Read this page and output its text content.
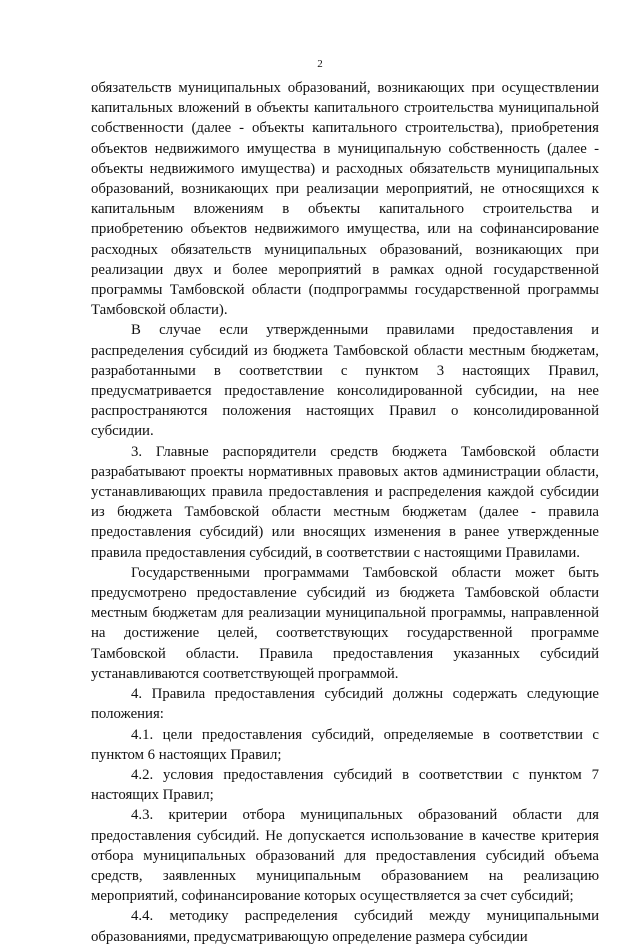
2

обязательств муниципальных образований, возникающих при осуществлении капитальных вложений в объекты капитального строительства муниципальной собственности (далее - объекты капитального строительства), приобретения объектов недвижимого имущества в муниципальную собственность (далее - объекты недвижимого имущества) и расходных обязательств муниципальных образований, возникающих при реализации мероприятий, не относящихся к капитальным вложениям в объекты капитального строительства и приобретению объектов недвижимого имущества, или на софинансирование расходных обязательств муниципальных образований, возникающих при реализации двух и более мероприятий в рамках одной государственной программы Тамбовской области (подпрограммы государственной программы Тамбовской области).

В случае если утвержденными правилами предоставления и распределения субсидий из бюджета Тамбовской области местным бюджетам, разработанными в соответствии с пунктом 3 настоящих Правил, предусматривается предоставление консолидированной субсидии, на нее распространяются положения настоящих Правил о консолидированной субсидии.

3. Главные распорядители средств бюджета Тамбовской области разрабатывают проекты нормативных правовых актов администрации области, устанавливающих правила предоставления и распределения каждой субсидии из бюджета Тамбовской области местным бюджетам (далее - правила предоставления субсидий) или вносящих изменения в ранее утвержденные правила предоставления субсидий, в соответствии с настоящими Правилами.

Государственными программами Тамбовской области может быть предусмотрено предоставление субсидий из бюджета Тамбовской области местным бюджетам для реализации муниципальной программы, направленной на достижение целей, соответствующих государственной программе Тамбовской области. Правила предоставления указанных субсидий устанавливаются соответствующей программой.

4. Правила предоставления субсидий должны содержать следующие положения:

4.1. цели предоставления субсидий, определяемые в соответствии с пунктом 6 настоящих Правил;

4.2. условия предоставления субсидий в соответствии с пунктом 7 настоящих Правил;

4.3. критерии отбора муниципальных образований области для предоставления субсидий. Не допускается использование в качестве критерия отбора муниципальных образований для предоставления субсидий объема средств, заявленных муниципальным образованием на реализацию мероприятий, софинансирование которых осуществляется за счет субсидий;

4.4. методику распределения субсидий между муниципальными образованиями, предусматривающую определение размера субсидии
